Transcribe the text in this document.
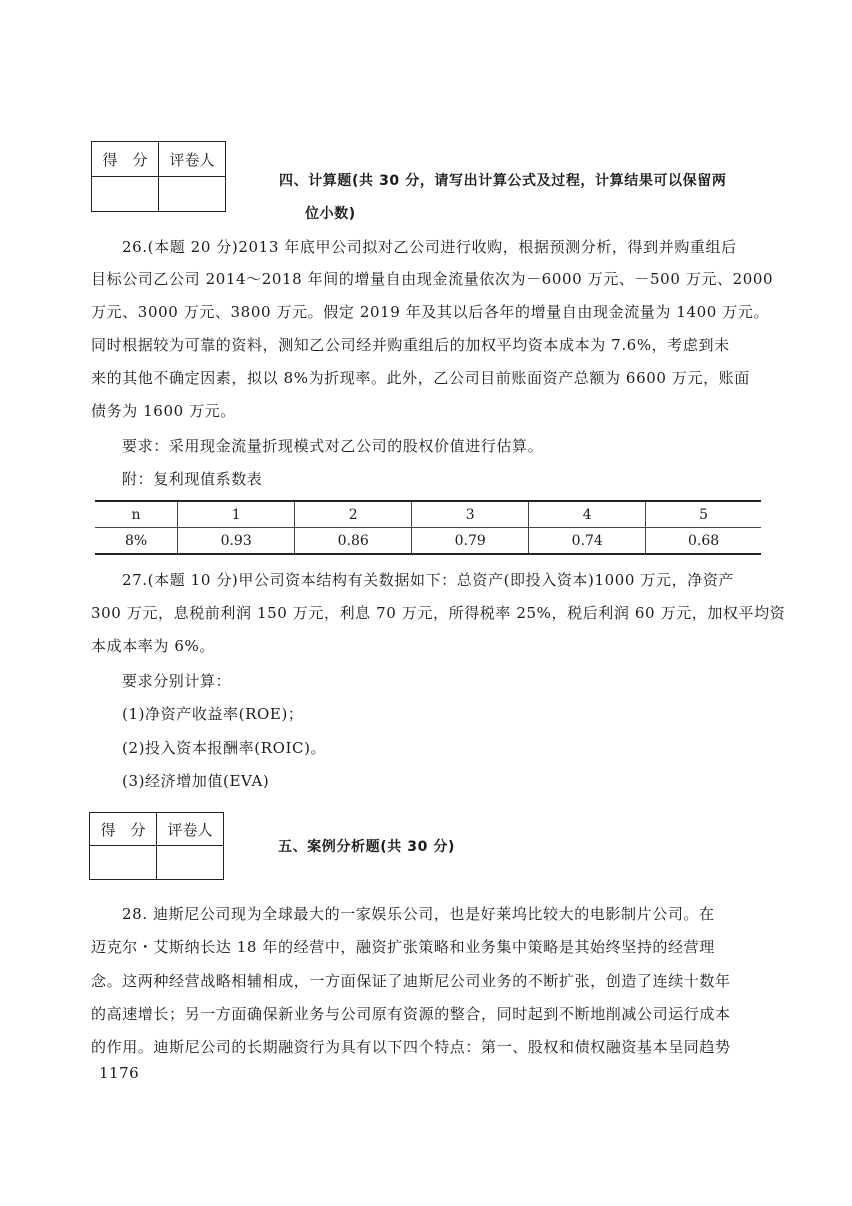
得　分	评卷人

四、计算题(共 30 分，请写出计算公式及过程，计算结果可以保留两
位小数)
26.(本题 20 分)2013 年底甲公司拟对乙公司进行收购，根据预测分析，得到并购重组后
目标公司乙公司 2014～2018 年间的增量自由现金流量依次为－6000 万元、－500 万元、2000
万元、3000 万元、3800 万元。假定 2019 年及其以后各年的增量自由现金流量为 1400 万元。
同时根据较为可靠的资料，测知乙公司经并购重组后的加权平均资本成本为 7.6%，考虑到未
来的其他不确定因素，拟以 8%为折现率。此外，乙公司目前账面资产总额为 6600 万元，账面
债务为 1600 万元。
要求：采用现金流量折现模式对乙公司的股权价值进行估算。
附：复利现值系数表
n	1	2	3	4	5
8%	0.93	0.86	0.79	0.74	0.68
27.(本题 10 分)甲公司资本结构有关数据如下：总资产(即投入资本)1000 万元，净资产
300 万元，息税前利润 150 万元，利息 70 万元，所得税率 25%，税后利润 60 万元，加权平均资
本成本率为 6%。
要求分别计算：
(1)净资产收益率(ROE)；
(2)投入资本报酬率(ROIC)。
(3)经济增加值(EVA)
得　分	评卷人

五、案例分析题(共 30 分)
28. 迪斯尼公司现为全球最大的一家娱乐公司，也是好莱坞比较大的电影制片公司。在
迈克尔・艾斯纳长达 18 年的经营中，融资扩张策略和业务集中策略是其始终坚持的经营理
念。这两种经营战略相辅相成，一方面保证了迪斯尼公司业务的不断扩张，创造了连续十数年
的高速增长；另一方面确保新业务与公司原有资源的整合，同时起到不断地削减公司运行成本
的作用。迪斯尼公司的长期融资行为具有以下四个特点：第一、股权和债权融资基本呈同趋势
1176
